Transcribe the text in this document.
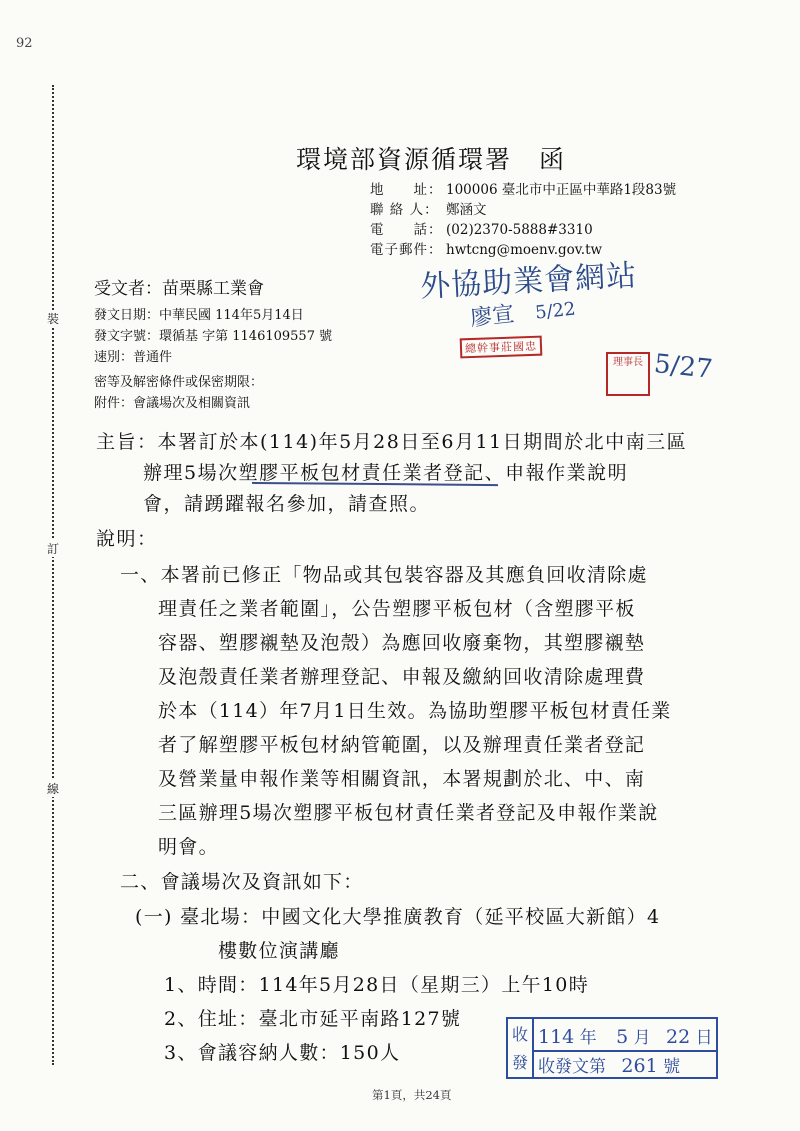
92
裝
訂
線
環境部資源循環署　函
地　　址： 100006 臺北市中正區中華路1段83號
聯 絡 人： 鄭涵文
電　　話： (02)2370-5888#3310
電子郵件： hwtcng@moenv.gov.tw
受文者：苗栗縣工業會
發文日期：中華民國 114年5月14日
發文字號：環循基 字第 1146109557 號
速別：普通件
密等及解密條件或保密期限：
附件：會議場次及相關資訊
外協助業會網站
廖宣 5/22
總幹事莊國忠
理事長 5/27
主旨：本署訂於本(114)年5月28日至6月11日期間於北中南三區
辦理5場次塑膠平板包材責任業者登記、申報作業說明
會，請踴躍報名參加，請查照。
說明：
一、本署前已修正「物品或其包裝容器及其應負回收清除處
理責任之業者範圍」，公告塑膠平板包材（含塑膠平板
容器、塑膠襯墊及泡殼）為應回收廢棄物，其塑膠襯墊
及泡殼責任業者辦理登記、申報及繳納回收清除處理費
於本（114）年7月1日生效。為協助塑膠平板包材責任業
者了解塑膠平板包材納管範圍，以及辦理責任業者登記
及營業量申報作業等相關資訊，本署規劃於北、中、南
三區辦理5場次塑膠平板包材責任業者登記及申報作業說
明會。
二、會議場次及資訊如下：
(一) 臺北場：中國文化大學推廣教育（延平校區大新館）4
樓數位演講廳
1、時間：114年5月28日（星期三）上午10時
2、住址：臺北市延平南路127號
3、會議容納人數：150人
收
發
114 年 5 月 22 日
收發文第 261 號
第1頁，共24頁
